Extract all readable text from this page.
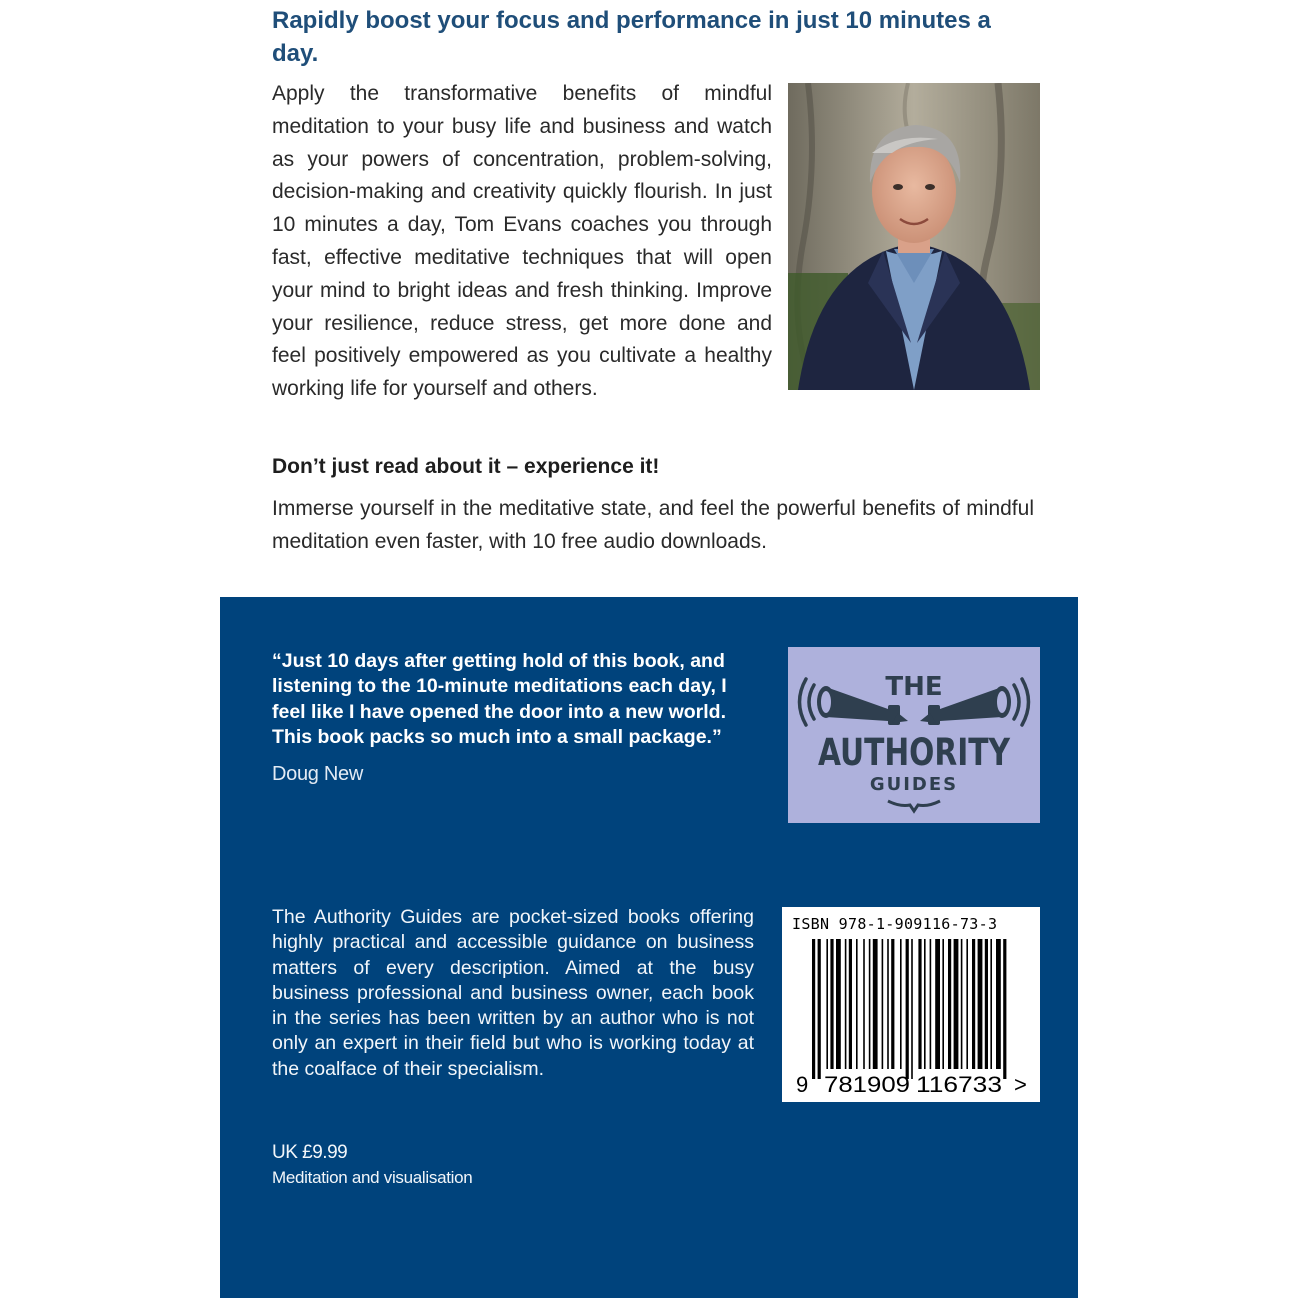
Rapidly boost your focus and performance in just 10 minutes a day.
Apply the transformative benefits of mindful meditation to your busy life and business and watch as your powers of concentration, problem-solving, decision-making and creativity quickly flourish. In just 10 minutes a day, Tom Evans coaches you through fast, effective meditative techniques that will open your mind to bright ideas and fresh thinking. Improve your resilience, reduce stress, get more done and feel positively empowered as you cultivate a healthy working life for yourself and others.
Don’t just read about it – experience it!
Immerse yourself in the meditative state, and feel the powerful benefits of mindful meditation even faster, with 10 free audio downloads.
“Just 10 days after getting hold of this book, and listening to the 10-minute meditations each day, I feel like I have opened the door into a new world. This book packs so much into a small package.”
Doug New
THE
AUTHORITY
GUIDES
The Authority Guides are pocket-sized books offering highly practical and accessible guidance on business matters of every description. Aimed at the busy business professional and business owner, each book in the series has been written by an author who is not only an expert in their field but who is working today at the coalface of their specialism.
UK £9.99
Meditation and visualisation
ISBN 978-1-909116-73-3
9 781909 116733 >
